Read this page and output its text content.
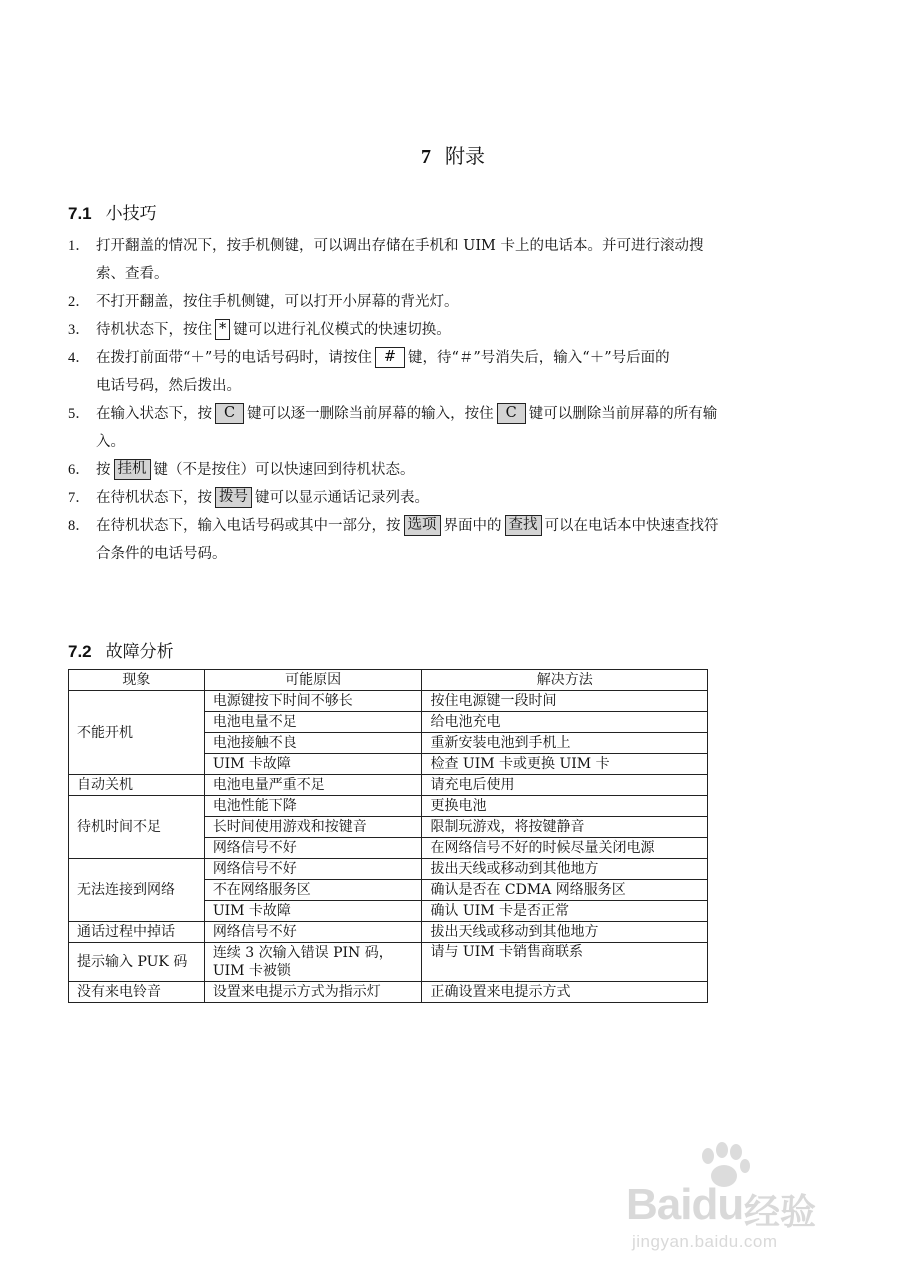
7 附录
7.1 小技巧

1． 打开翻盖的情况下，按手机侧键，可以调出存储在手机和 UIM 卡上的电话本。并可进行滚动搜
索、查看。

2． 不打开翻盖，按住手机侧键，可以打开小屏幕的背光灯。

3． 待机状态下，按住 * 键可以进行礼仪模式的快速切换。

4． 在拨打前面带“＋”号的电话号码时，请按住 # 键，待“＃”号消失后，输入“＋”号后面的
电话号码，然后拨出。

5． 在输入状态下，按 C 键可以逐一删除当前屏幕的输入，按住 C 键可以删除当前屏幕的所有输
入。

6． 按 挂机 键（不是按住）可以快速回到待机状态。

7． 在待机状态下，按 拨号 键可以显示通话记录列表。

8． 在待机状态下，输入电话号码或其中一部分，按 选项 界面中的 查找 可以在电话本中快速查找符
合条件的电话号码。

7.2 故障分析
现象	可能原因	解决方法
不能开机	电源键按下时间不够长	按住电源键一段时间
	电池电量不足	给电池充电
	电池接触不良	重新安装电池到手机上
	UIM 卡故障	检查 UIM 卡或更换 UIM 卡
自动关机	电池电量严重不足	请充电后使用
待机时间不足	电池性能下降	更换电池
	长时间使用游戏和按键音	限制玩游戏，将按键静音
	网络信号不好	在网络信号不好的时候尽量关闭电源
无法连接到网络	网络信号不好	拔出天线或移动到其他地方
	不在网络服务区	确认是否在 CDMA 网络服务区
	UIM 卡故障	确认 UIM 卡是否正常
通话过程中掉话	网络信号不好	拔出天线或移动到其他地方
提示输入 PUK 码	连续 3 次输入错误 PIN 码，
UIM 卡被锁	请与 UIM 卡销售商联系
没有来电铃音	设置来电提示方式为指示灯	正确设置来电提示方式
Baidu 经验
jingyan.baidu.com
